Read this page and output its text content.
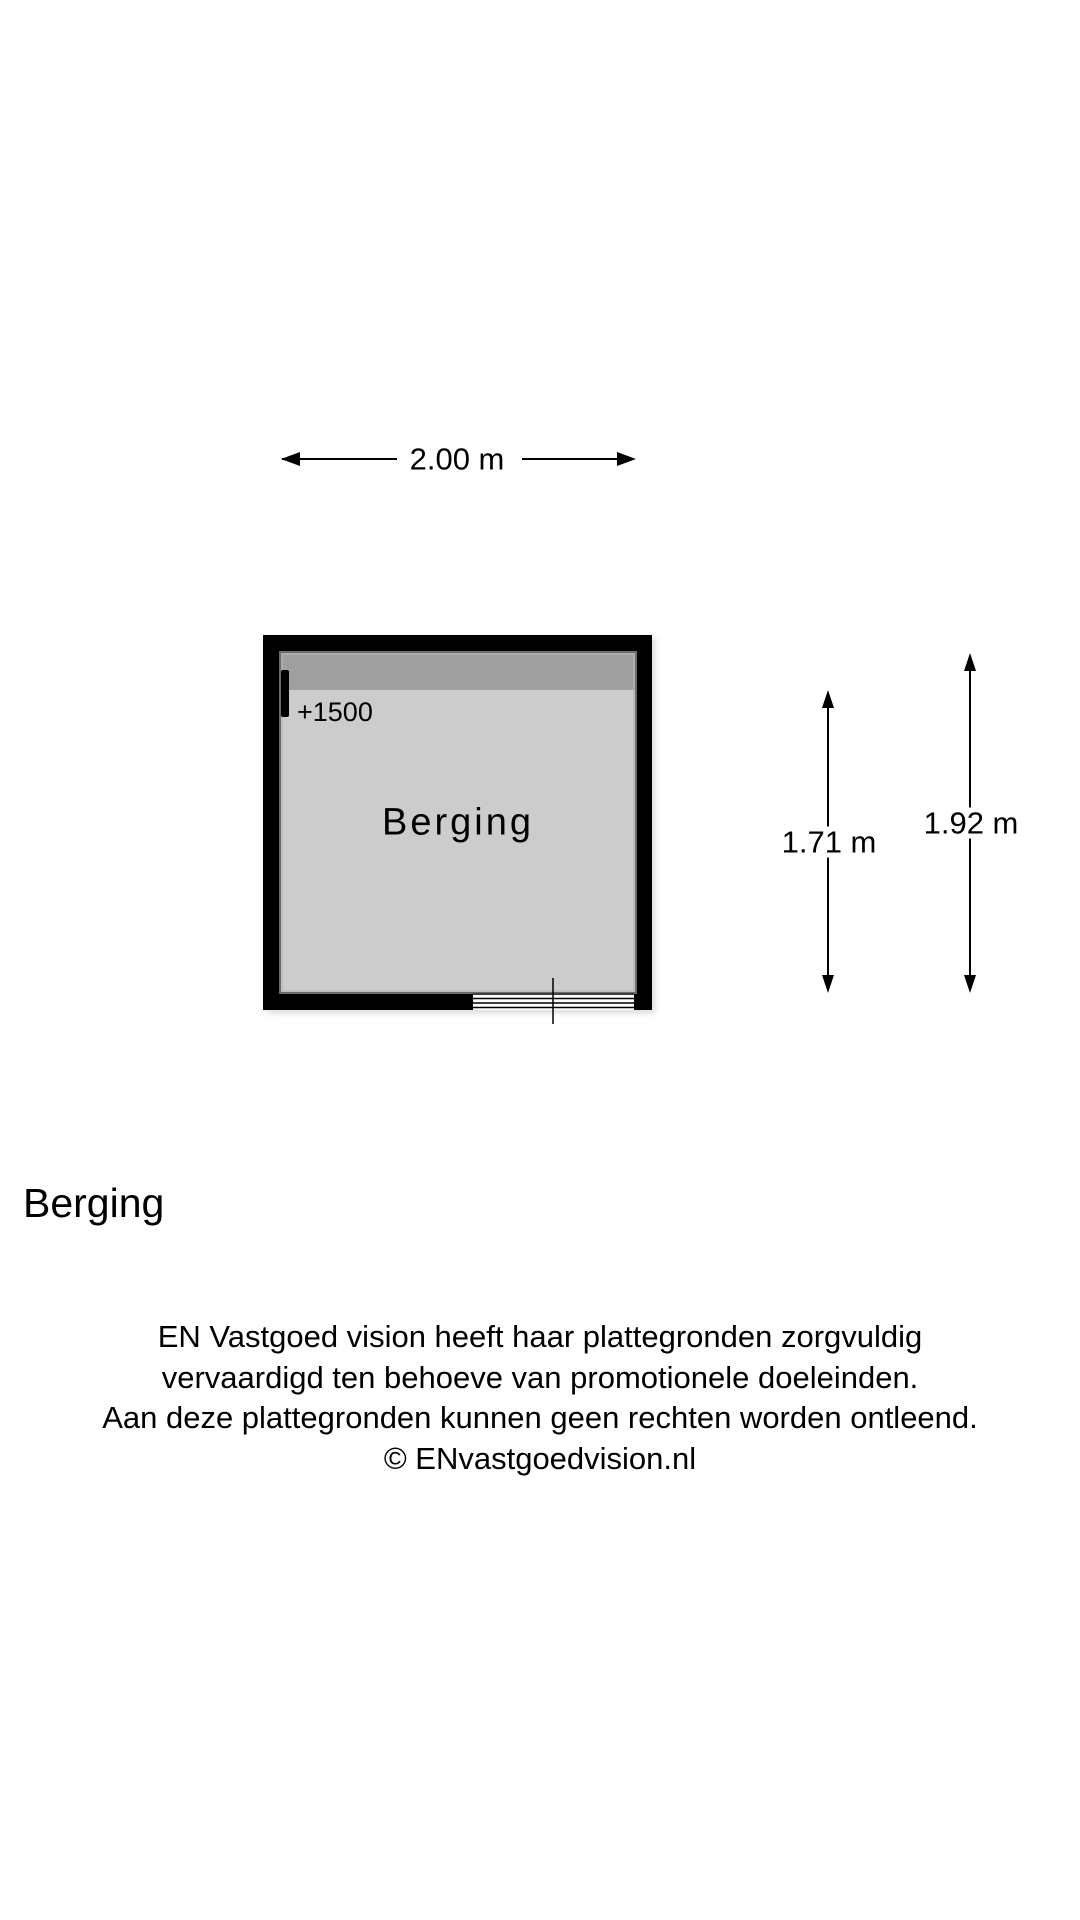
2.00 m
1.71 m
1.92 m
+1500
Berging
Berging
EN Vastgoed vision heeft haar plattegronden zorgvuldig
vervaardigd ten behoeve van promotionele doeleinden.
Aan deze plattegronden kunnen geen rechten worden ontleend.
© ENvastgoedvision.nl
